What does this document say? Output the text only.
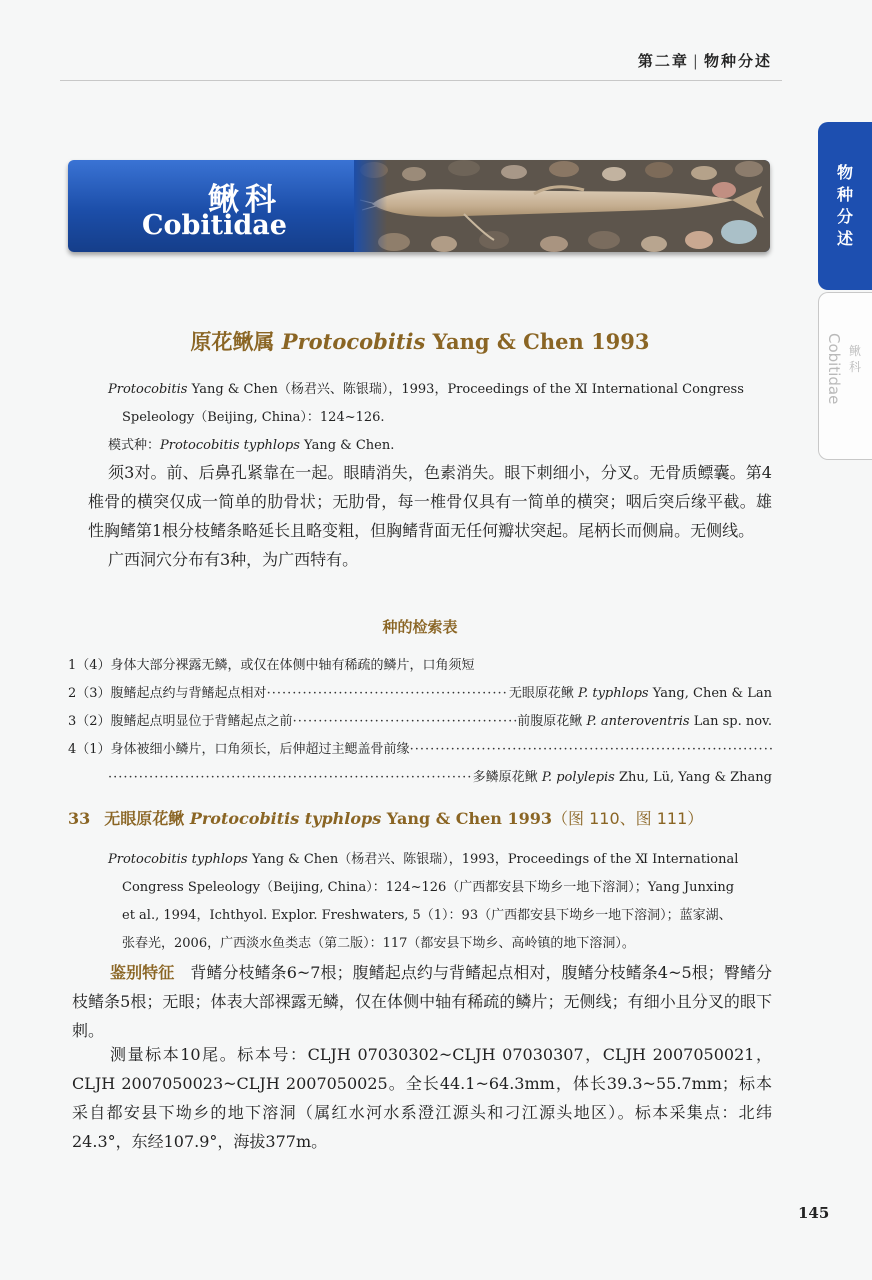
第二章 | 物种分述
物种分述
Cobitidae 鳅科
鳅科
Cobitidae
原花鳅属 Protocobitis Yang & Chen 1993
Protocobitis Yang & Chen（杨君兴、陈银瑞），1993，Proceedings of the Ⅺ International Congress
Speleology（Beijing, China）：124~126.
模式种：Protocobitis typhlops Yang & Chen.

须3对。前、后鼻孔紧靠在一起。眼睛消失，色素消失。眼下刺细小，分叉。无骨质鳔囊。第4椎骨的横突仅成一简单的肋骨状；无肋骨，每一椎骨仅具有一简单的横突；咽后突后缘平截。雄性胸鳍第1根分枝鳍条略延长且略变粗，但胸鳍背面无任何瓣状突起。尾柄长而侧扁。无侧线。

广西洞穴分布有3种，为广西特有。

种的检索表
1（4） 身体大部分裸露无鳞，或仅在体侧中轴有稀疏的鳞片，口角须短
2（3） 腹鳍起点约与背鳍起点相对 ·····	无眼原花鳅 P. typhlops Yang, Chen & Lan
3（2） 腹鳍起点明显位于背鳍起点之前 ·····	前腹原花鳅 P. anteroventris Lan sp. nov.
4（1） 身体被细小鳞片，口角须长，后伸超过主鳃盖骨前缘
·····
·····
多鳞原花鳅 P. polylepis Zhu, Lü, Yang & Zhang
33 无眼原花鳅 Protocobitis typhlops Yang & Chen 1993（图 110、图 111）
Protocobitis typhlops Yang & Chen（杨君兴、陈银瑞），1993，Proceedings of the Ⅺ International
Congress Speleology（Beijing, China）：124~126（广西都安县下坳乡一地下溶洞）；Yang Junxing
et al., 1994，Ichthyol. Explor. Freshwaters, 5（1）：93（广西都安县下坳乡一地下溶洞）；蓝家湖、
张春光，2006，广西淡水鱼类志（第二版）：117（都安县下坳乡、高岭镇的地下溶洞）。

鉴别特征　背鳍分枝鳍条6~7根；腹鳍起点约与背鳍起点相对，腹鳍分枝鳍条4~5根；臀鳍分枝鳍条5根；无眼；体表大部裸露无鳞，仅在体侧中轴有稀疏的鳞片；无侧线；有细小且分叉的眼下刺。

测量标本10尾。标本号：CLJH 07030302~CLJH 07030307，CLJH 2007050021，CLJH 2007050023~CLJH 2007050025。全长44.1~64.3mm，体长39.3~55.7mm；标本采自都安县下坳乡的地下溶洞（属红水河水系澄江源头和刁江源头地区）。标本采集点：北纬24.3°，东经107.9°，海拔377m。

145
